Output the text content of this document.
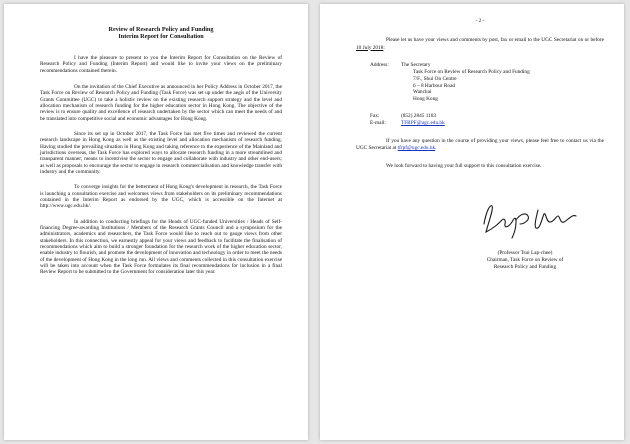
Review of Research Policy and Funding
Interim Report for Consultation

I have the pleasure to present to you the Interim Report for Consultation on the Review of Research Policy and Funding (Interim Report) and would like to invite your views on the preliminary recommendations contained therein.

On the invitation of the Chief Executive as announced in her Policy Address in October 2017, the Task Force on Review of Research Policy and Funding (Task Force) was set up under the aegis of the University Grants Committee (UGC) to take a holistic review on the existing research support strategy and the level and allocation mechanism of research funding for the higher education sector in Hong Kong. The objective of the review is to ensure quality and excellence of research undertaken by the sector which can meet the needs of and be translated into competitive social and economic advantages for Hong Kong.

Since its set up in October 2017, the Task Force has met five times and reviewed the current research landscape in Hong Kong as well as the existing level and allocation mechanism of research funding. Having studied the prevailing situation in Hong Kong and taking reference to the experience of the Mainland and jurisdictions overseas, the Task Force has explored ways to allocate research funding in a more streamlined and transparent manner; means to incentivise the sector to engage and collaborate with industry and other end-users; as well as proposals to encourage the sector to engage in research commercialisation and knowledge transfer with industry and the community.

To converge insights for the betterment of Hong Kong's development in research, the Task Force is launching a consultation exercise and welcomes views from stakeholders on its preliminary recommendations contained in the Interim Report as endorsed by the UGC, which is accessible on the Internet at http://www.ugc.edu.hk/.

In addition to conducting briefings for the Heads of UGC-funded Universities / Heads of Self-financing Degree-awarding Institutions / Members of the Research Grants Council and a symposium for the administrators, academics and researchers, the Task Force would like to reach out to gauge views from other stakeholders. In this connection, we earnestly appeal for your views and feedback to facilitate the finalisation of recommendations which aim to build a stronger foundation for the research work of the higher education sector, enable industry to flourish, and promote the development of innovation and technology in order to meet the needs of the development of Hong Kong in the long run. All views and comments collected in this consultation exercise will be taken into account when the Task Force formulates its final recommendations for inclusion in a final Review Report to be submitted to the Government for consideration later this year.

- 2 -

Please let us have your views and comments by post, fax or email to the UGC Secretariat on or before 10 July 2018:

Address:	The Secretary
Task Force on Review of Research Policy and Funding
7/F., Shui On Centre
6 – 8 Harbour Road
Wanchai
Hong Kong
Fax:	(852) 2845 1183
E-mail:	TFRPF@ugc.edu.hk

If you have any question in the course of providing your views, please feel free to contact us via the UGC Secretariat at tfrpf@ugc.edu.hk.

We look forward to having your full support to this consultation exercise.

(Professor Tsui Lap-chee)
Chairman, Task Force on Review of
Research Policy and Funding
